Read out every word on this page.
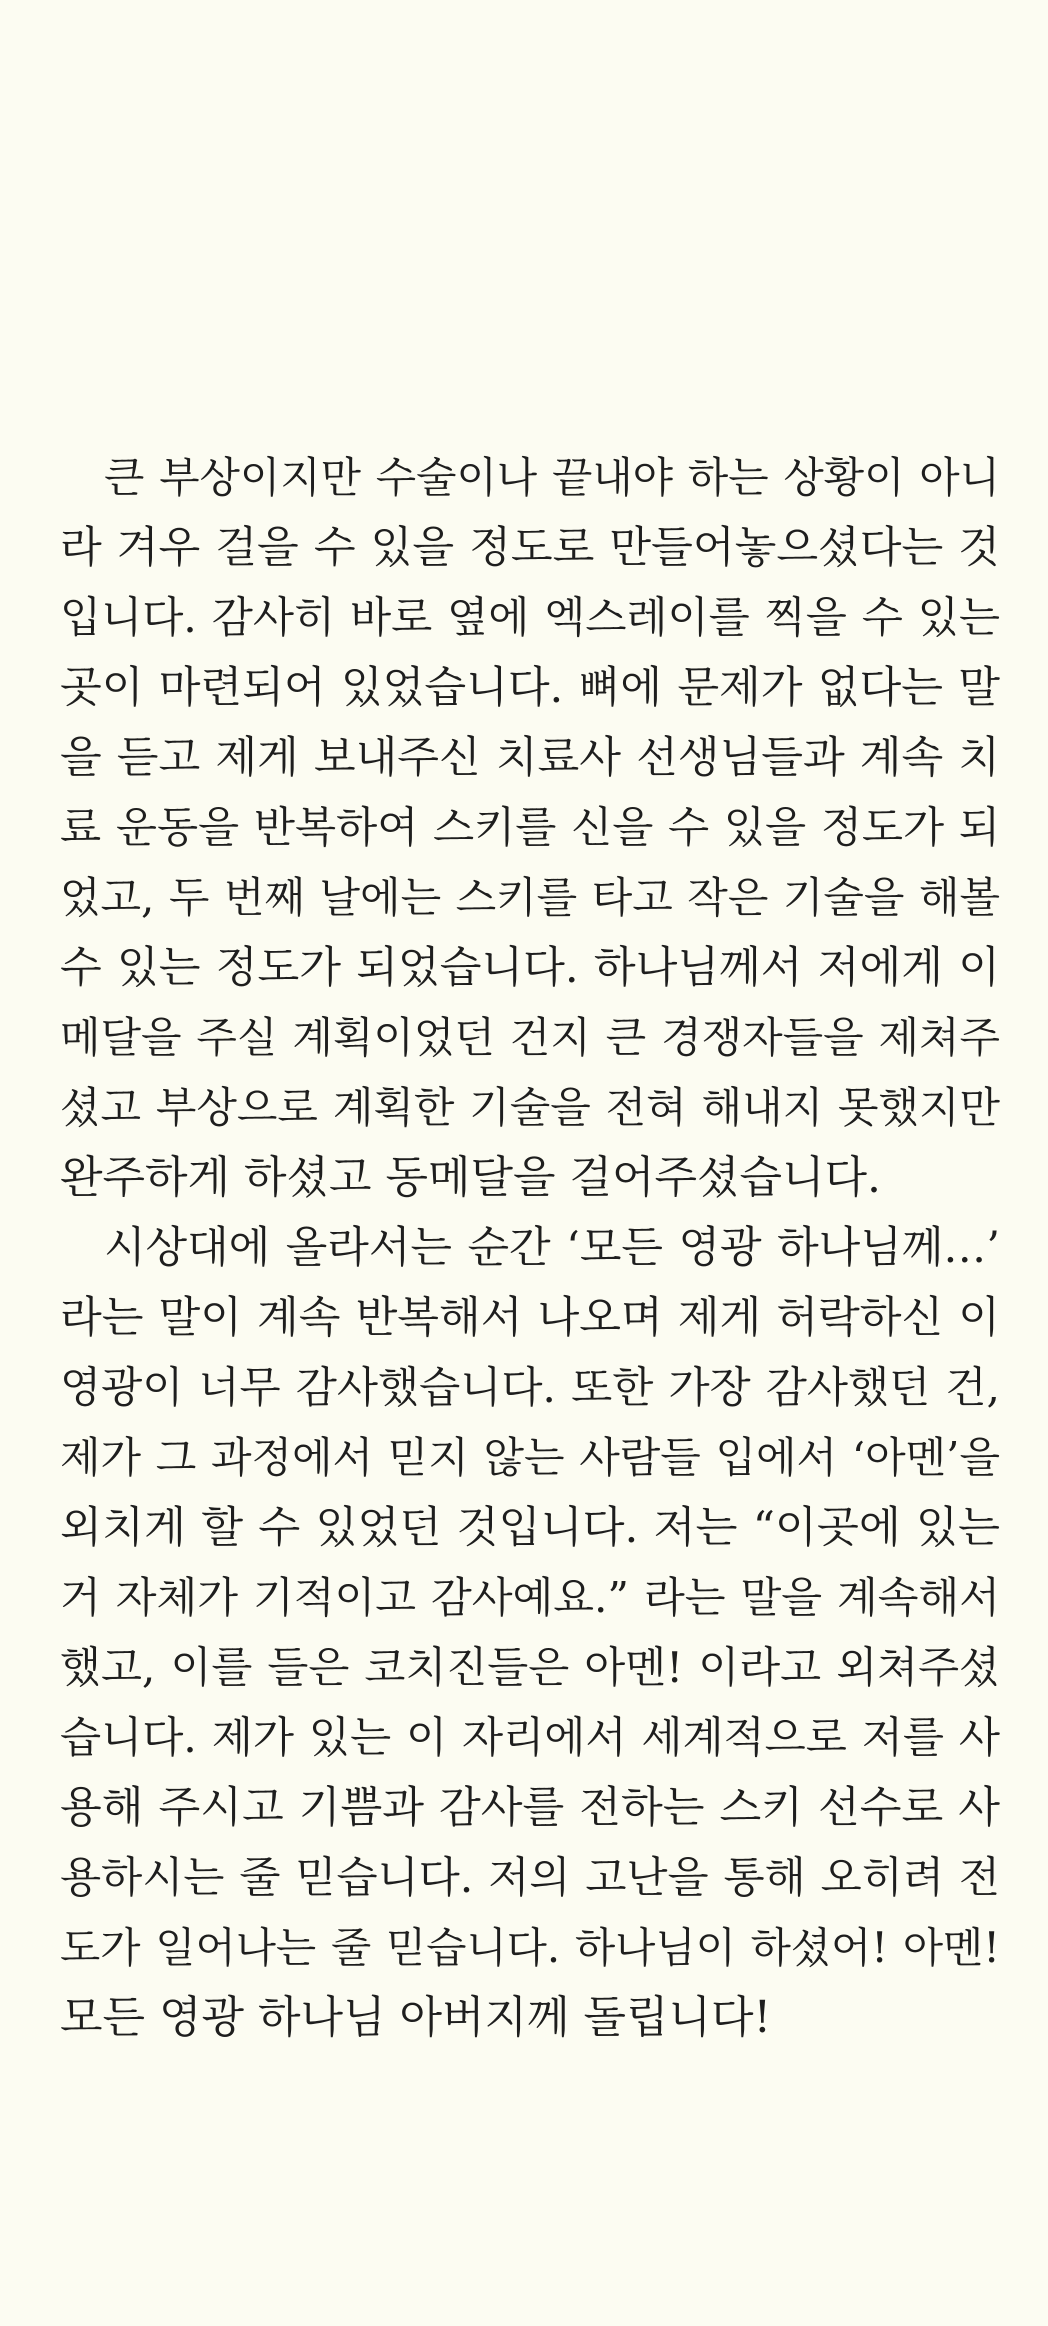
큰 부상이지만 수술이나 끝내야 하는 상황이 아니
라 겨우 걸을 수 있을 정도로 만들어놓으셨다는 것
입니다. 감사히 바로 옆에 엑스레이를 찍을 수 있는
곳이 마련되어 있었습니다. 뼈에 문제가 없다는 말
을 듣고 제게 보내주신 치료사 선생님들과 계속 치
료 운동을 반복하여 스키를 신을 수 있을 정도가 되
었고, 두 번째 날에는 스키를 타고 작은 기술을 해볼
수 있는 정도가 되었습니다. 하나님께서 저에게 이
메달을 주실 계획이었던 건지 큰 경쟁자들을 제쳐주
셨고 부상으로 계획한 기술을 전혀 해내지 못했지만
완주하게 하셨고 동메달을 걸어주셨습니다.
시상대에 올라서는 순간 ‘모든 영광 하나님께…’
라는 말이 계속 반복해서 나오며 제게 허락하신 이
영광이 너무 감사했습니다. 또한 가장 감사했던 건,
제가 그 과정에서 믿지 않는 사람들 입에서 ‘아멘’을
외치게 할 수 있었던 것입니다. 저는 “이곳에 있는
거 자체가 기적이고 감사예요.” 라는 말을 계속해서
했고, 이를 들은 코치진들은 아멘! 이라고 외쳐주셨
습니다. 제가 있는 이 자리에서 세계적으로 저를 사
용해 주시고 기쁨과 감사를 전하는 스키 선수로 사
용하시는 줄 믿습니다. 저의 고난을 통해 오히려 전
도가 일어나는 줄 믿습니다. 하나님이 하셨어! 아멘!
모든 영광 하나님 아버지께 돌립니다!
